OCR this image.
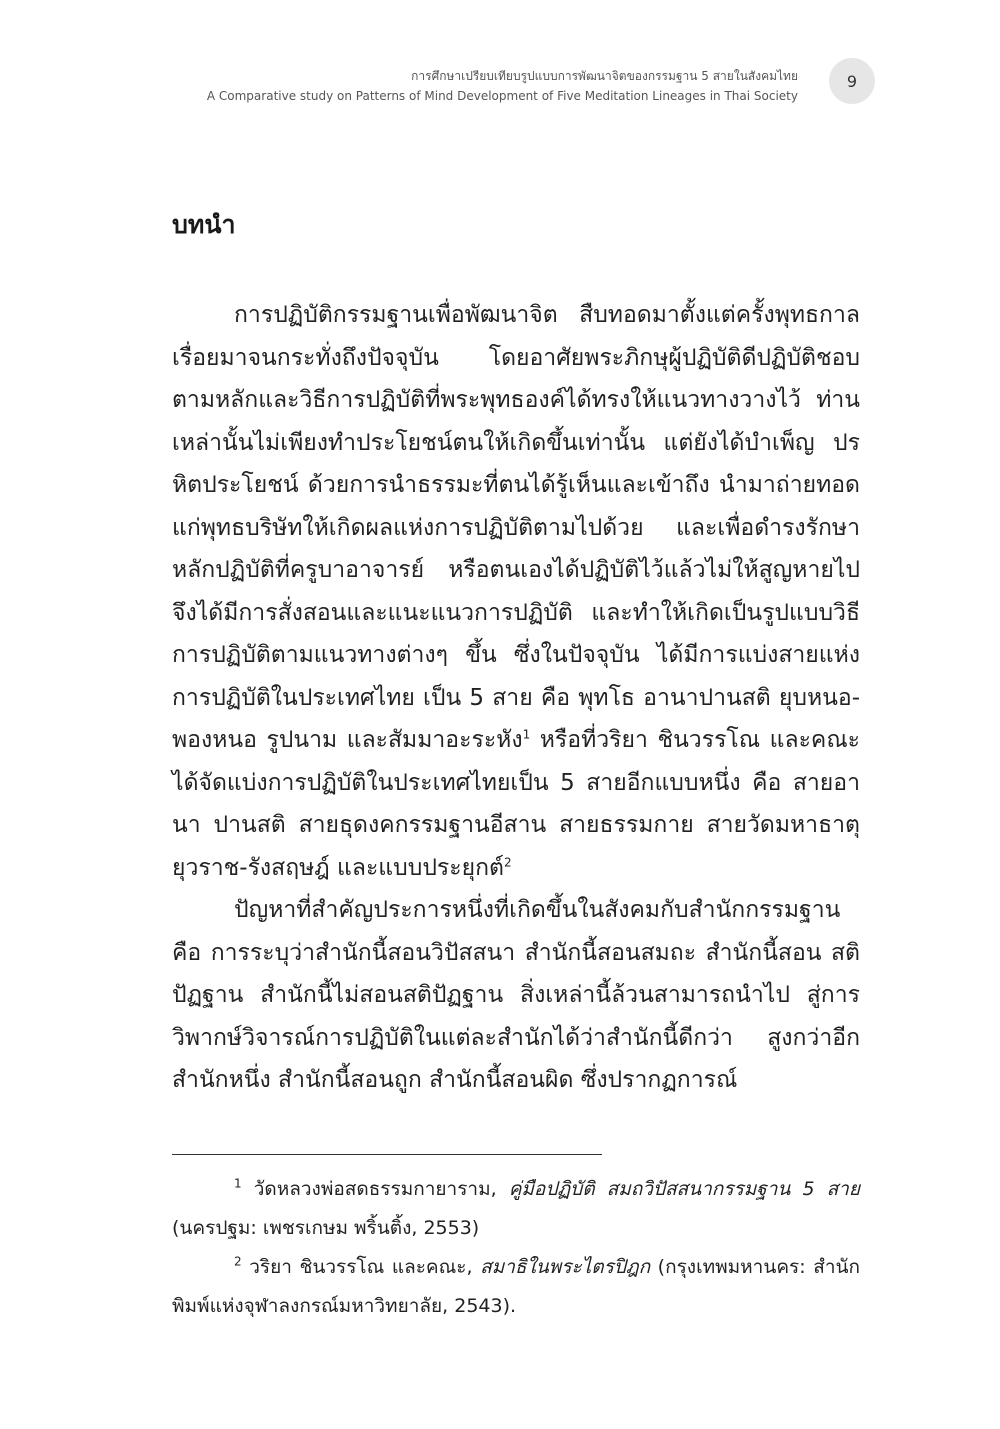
การศึกษาเปรียบเทียบรูปแบบการพัฒนาจิตของกรรมฐาน 5 สายในสังคมไทย
A Comparative study on Patterns of Mind Development of Five Meditation Lineages in Thai Society
9
บทนำ

การปฏิบัติกรรมฐานเพื่อพัฒนาจิต สืบทอดมาตั้งแต่ครั้งพุทธกาล เรื่อยมาจนกระทั่งถึงปัจจุบัน โดยอาศัยพระภิกษุผู้ปฏิบัติดีปฏิบัติชอบ ตามหลักและวิธีการปฏิบัติที่พระพุทธองค์ได้ทรงให้แนวทางวางไว้ ท่านเหล่านั้นไม่เพียงทำประโยชน์ตนให้เกิดขึ้นเท่านั้น แต่ยังได้บำเพ็ญ ปรหิตประโยชน์ ด้วยการนำธรรมะที่ตนได้รู้เห็นและเข้าถึง นำมาถ่ายทอด แก่พุทธบริษัทให้เกิดผลแห่งการปฏิบัติตามไปด้วย และเพื่อดำรงรักษา หลักปฏิบัติที่ครูบาอาจารย์ หรือตนเองได้ปฏิบัติไว้แล้วไม่ให้สูญหายไป จึงได้มีการสั่งสอนและแนะแนวการปฏิบัติ และทำให้เกิดเป็นรูปแบบวิธี การปฏิบัติตามแนวทางต่างๆ ขึ้น ซึ่งในปัจจุบัน ได้มีการแบ่งสายแห่ง การปฏิบัติในประเทศไทย เป็น 5 สาย คือ พุทโธ อานาปานสติ ยุบหนอ-พองหนอ รูปนาม และสัมมาอะระหัง$^1$ หรือที่วริยา ชินวรรโณ และคณะ ได้จัดแบ่งการปฏิบัติในประเทศไทยเป็น 5 สายอีกแบบหนึ่ง คือ สายอานา ปานสติ สายธุดงคกรรมฐานอีสาน สายธรรมกาย สายวัดมหาธาตุยุวราช-รังสฤษฎ์ และแบบประยุกต์$^2$

ปัญหาที่สำคัญประการหนึ่งที่เกิดขึ้นในสังคมกับสำนักกรรมฐาน คือ การระบุว่าสำนักนี้สอนวิปัสสนา สำนักนี้สอนสมถะ สำนักนี้สอน สติปัฏฐาน สำนักนี้ไม่สอนสติปัฏฐาน สิ่งเหล่านี้ล้วนสามารถนำไป สู่การวิพากษ์วิจารณ์การปฏิบัติในแต่ละสำนักได้ว่าสำนักนี้ดีกว่า สูงกว่าอีกสำนักหนึ่ง สำนักนี้สอนถูก สำนักนี้สอนผิด ซึ่งปรากฏการณ์

$^1$ วัดหลวงพ่อสดธรรมกายาราม, คู่มือปฏิบัติ สมถวิปัสสนากรรมฐาน 5 สาย (นครปฐม: เพชรเกษม พริ้นติ้ง, 2553)

$^2$ วริยา ชินวรรโณ และคณะ, สมาธิในพระไตรปิฎก (กรุงเทพมหานคร: สำนักพิมพ์แห่งจุฬาลงกรณ์มหาวิทยาลัย, 2543).
